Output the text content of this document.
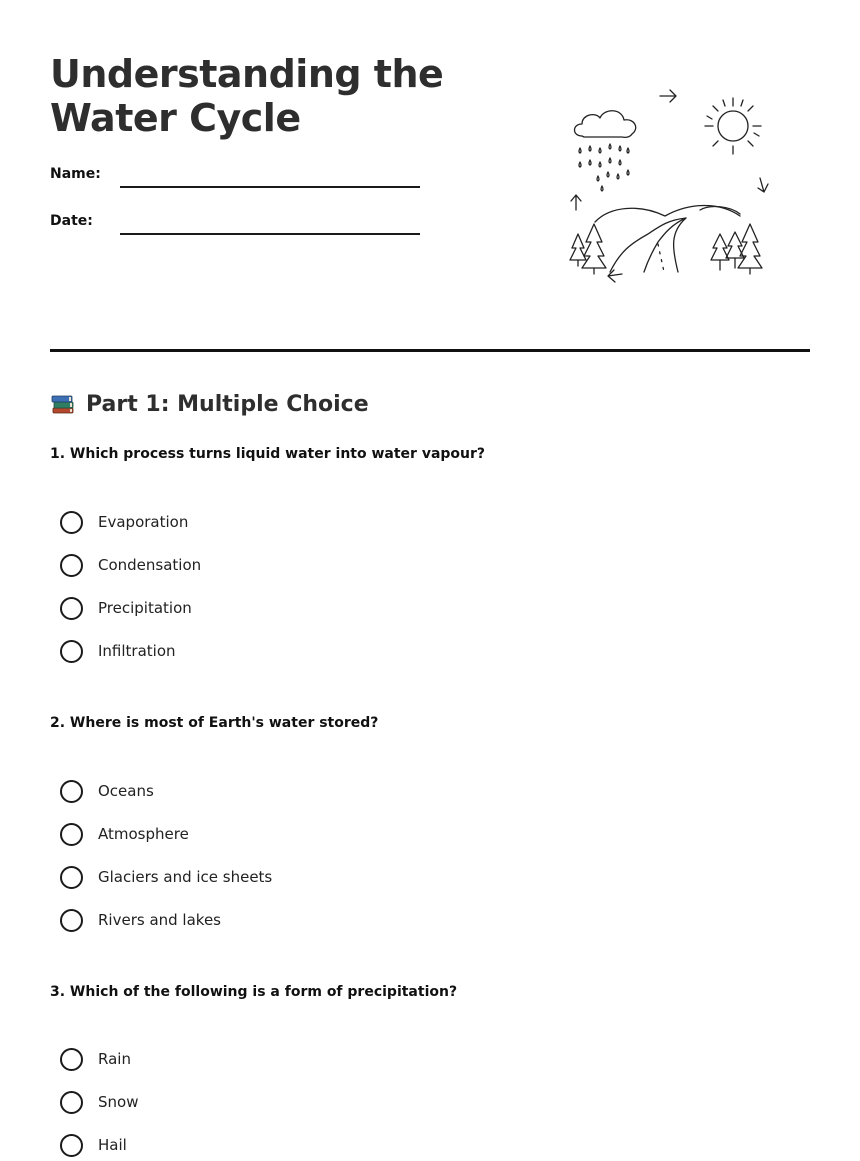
Understanding the Water Cycle
Name:
Date:
Part 1: Multiple Choice
1. Which process turns liquid water into water vapour?
Evaporation
Condensation
Precipitation
Infiltration
2. Where is most of Earth's water stored?
Oceans
Atmosphere
Glaciers and ice sheets
Rivers and lakes
3. Which of the following is a form of precipitation?
Rain
Snow
Hail
